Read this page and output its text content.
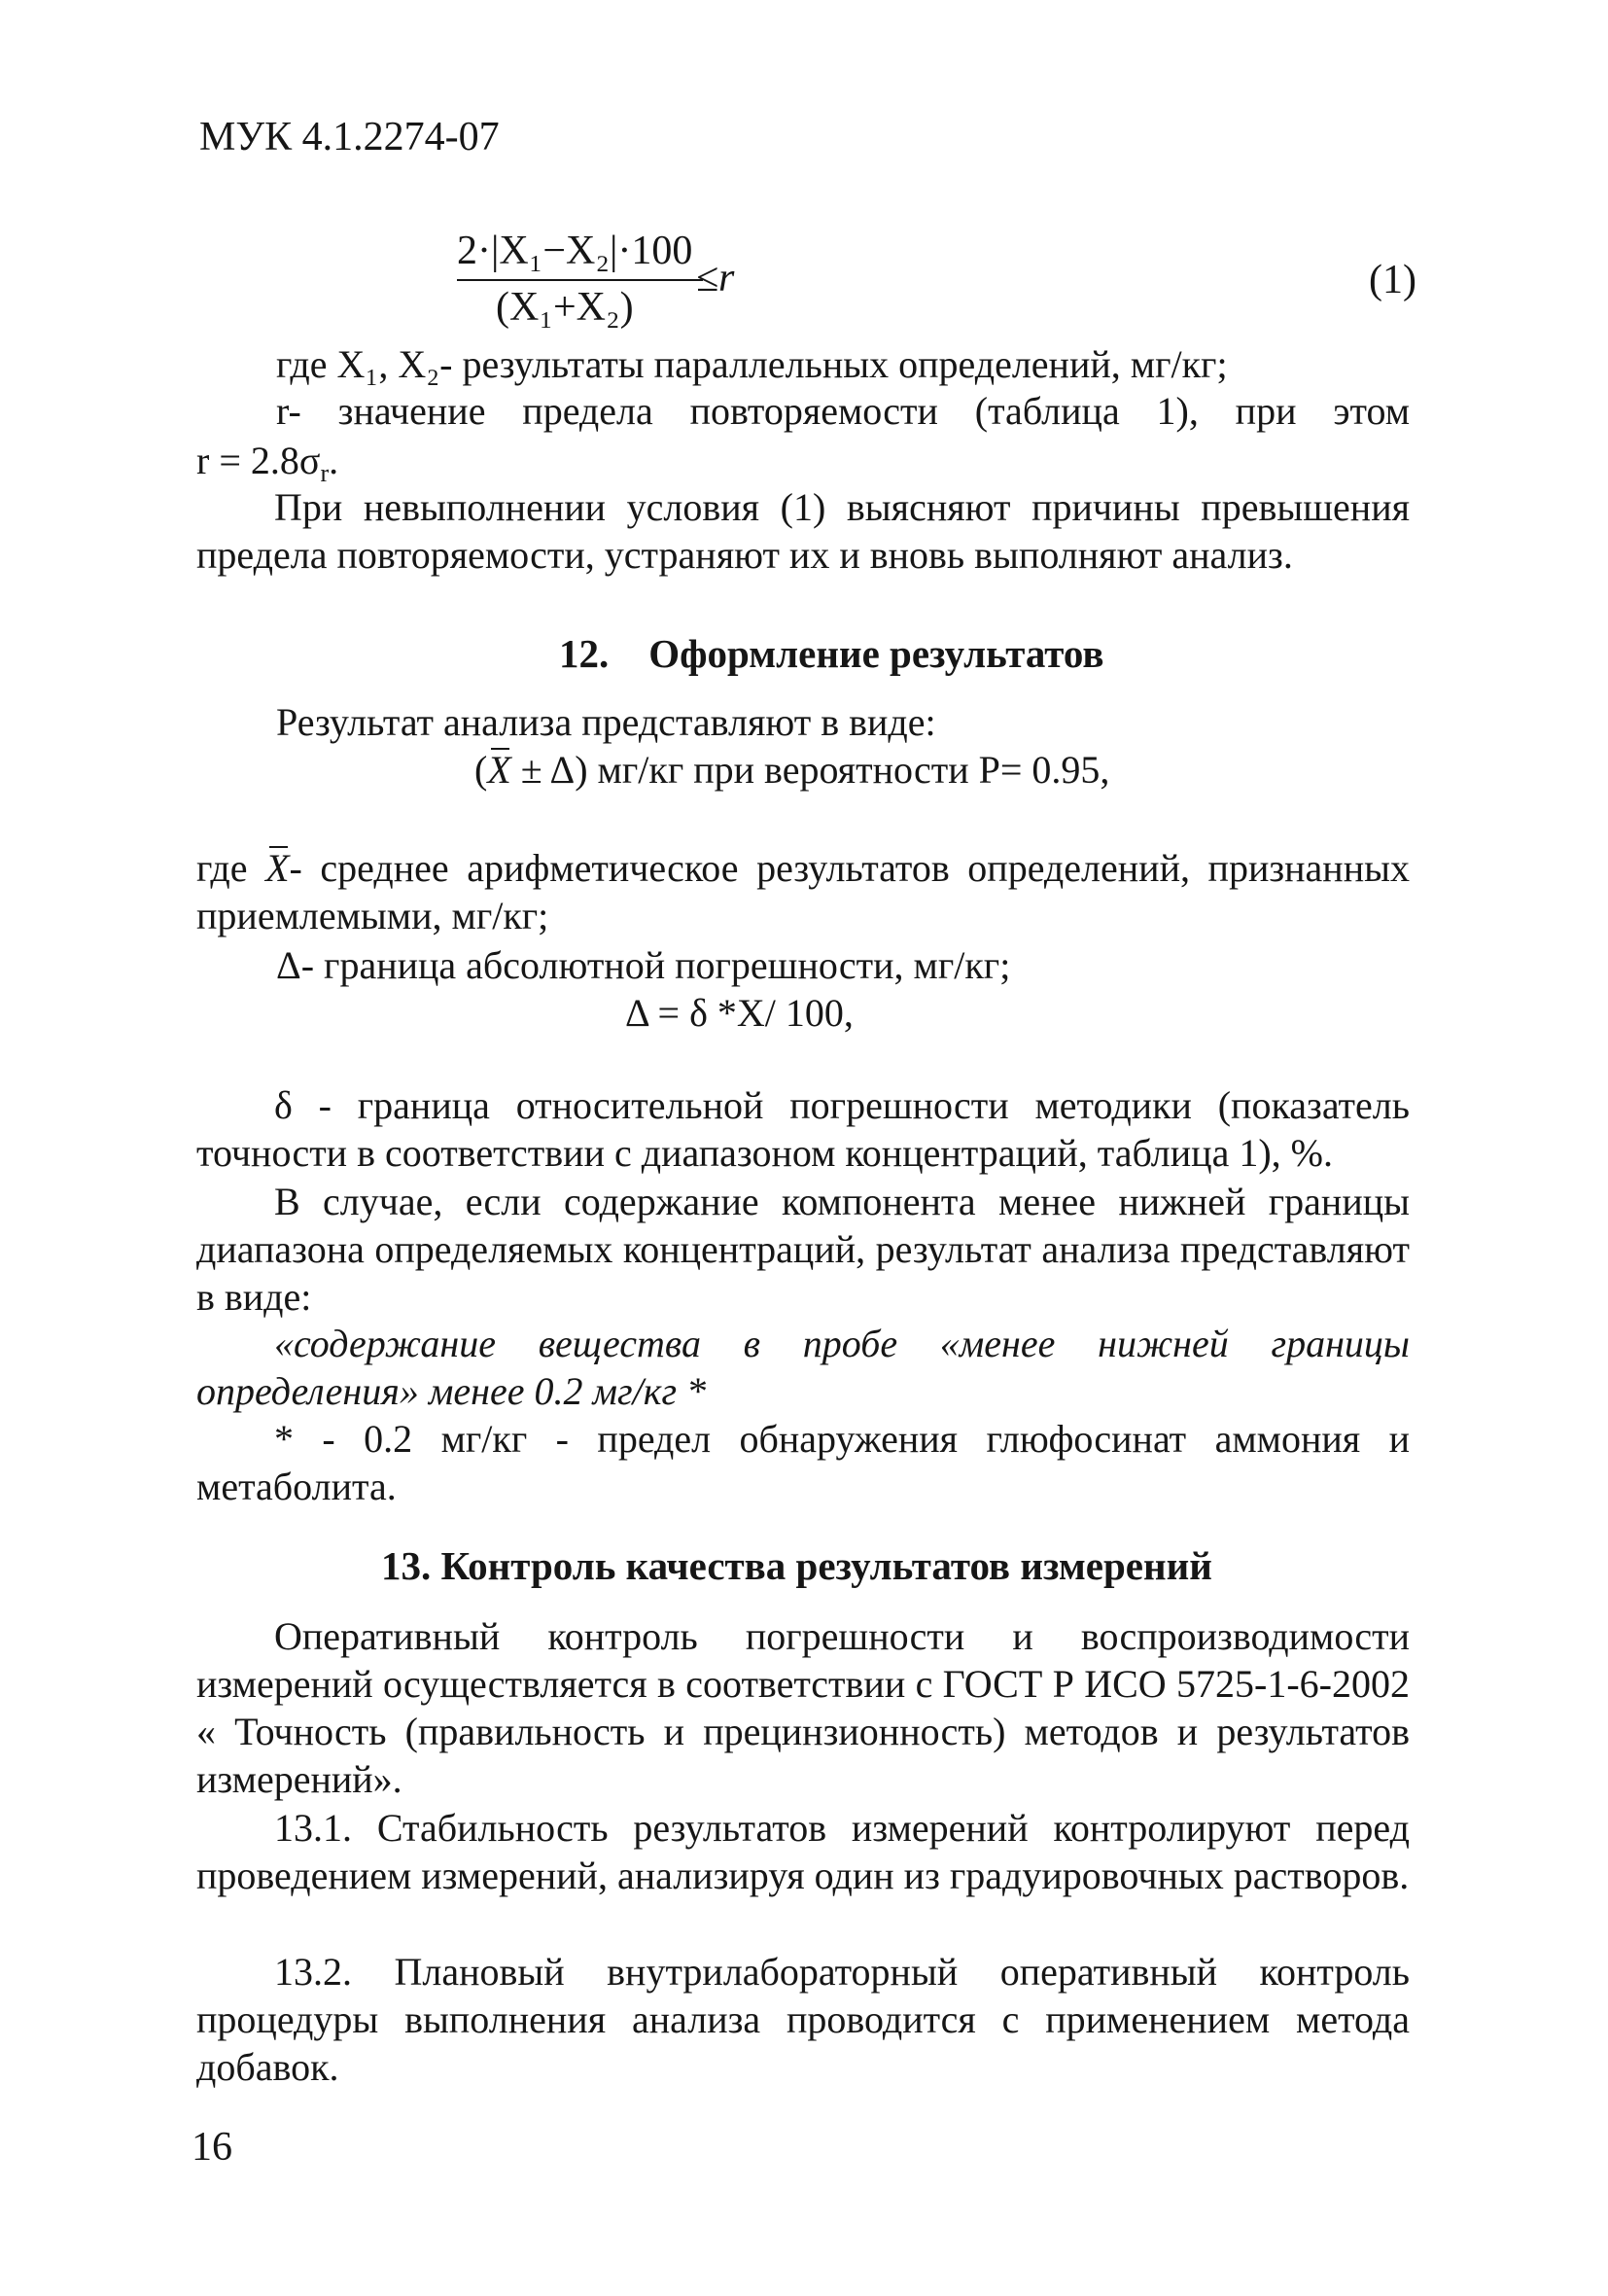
МУК 4.1.2274-07
2·|X₁−X₂|·100
(X₁+X₂)
≤r	(1)
где X₁, X₂- результаты параллельных определений, мг/кг;
r- значение предела повторяемости (таблица 1), при этом
$r = 2.8\sigma_r$.
При невыполнении условия (1) выясняют причины превышения предела повторяемости, устраняют их и вновь выполняют анализ.
12. Оформление результатов
Результат анализа представляют в виде:
(X ± Δ) мг/кг при вероятности Р= 0.95,
где X- среднее арифметическое результатов определений, признанных приемлемыми, мг/кг;
Δ- граница абсолютной погрешности, мг/кг;
Δ = δ *X/ 100,
δ - граница относительной погрешности методики (показатель точности в соответствии с диапазоном концентраций, таблица 1), %.
В случае, если содержание компонента менее нижней границы диапазона определяемых концентраций, результат анализа представляют в виде:
«содержание вещества в пробе «менее нижней границы определения» менее 0.2 мг/кг *
* - 0.2 мг/кг - предел обнаружения глюфосинат аммония и метаболита.
13. Контроль качества результатов измерений
Оперативный контроль погрешности и воспроизводимости измерений осуществляется в соответствии с ГОСТ Р ИСО 5725-1-6-2002 « Точность (правильность и прецинзионность) методов и результатов измерений».
13.1. Стабильность результатов измерений контролируют перед проведением измерений, анализируя один из градуировочных растворов.
13.2. Плановый внутрилабораторный оперативный контроль процедуры выполнения анализа проводится с применением метода добавок.
16
